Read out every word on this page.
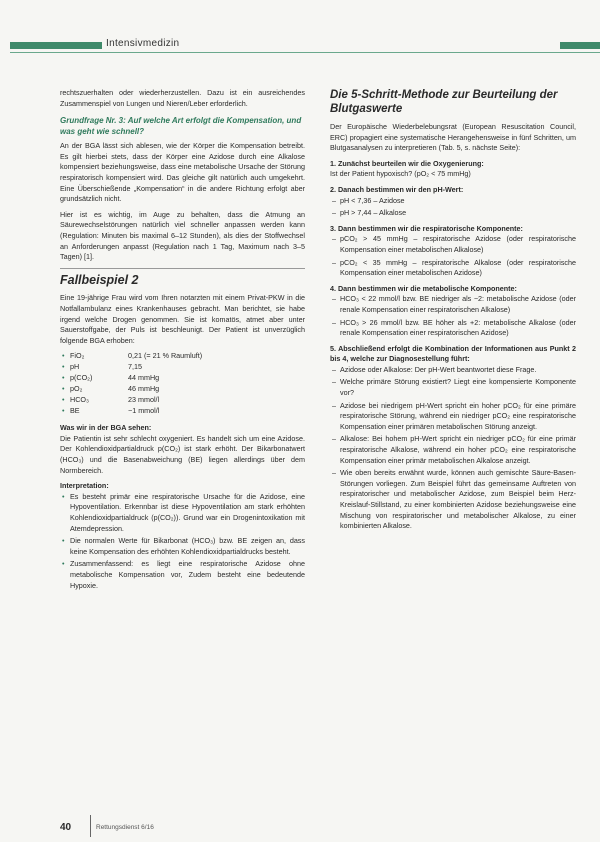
Intensivmedizin

rechtszuerhalten oder wiederherzustellen. Dazu ist ein ausreichendes Zusammenspiel von Lungen und Nieren/Leber erforderlich.

Grundfrage Nr. 3: Auf welche Art erfolgt die Kompensation, und was geht wie schnell?

An der BGA lässt sich ablesen, wie der Körper die Kompensation betreibt. Es gilt hierbei stets, dass der Körper eine Azidose durch eine Alkalose kompensiert beziehungsweise, dass eine metabolische Ursache der Störung respiratorisch kompensiert wird. Das gleiche gilt natürlich auch umgekehrt. Eine Überschießende „Kompensation“ in die andere Richtung erfolgt aber grundsätzlich nicht.

Hier ist es wichtig, im Auge zu behalten, dass die Atmung an Säurewechselstörungen natürlich viel schneller anpassen werden kann (Regulation: Minuten bis maximal 6–12 Stunden), als dies der Stoffwechsel an Anforderungen anpasst (Regulation nach 1 Tag, Maximum nach 3–5 Tagen) [1].

Fallbeispiel 2

Eine 19-jährige Frau wird vom Ihren notarzten mit einem Privat-PKW in die Notfallambulanz eines Krankenhauses gebracht. Man berichtet, sie habe irgend welche Drogen genommen. Sie ist komatös, atmet aber unter Sauerstoffgabe, der Puls ist beschleunigt. Der Patient ist unverzüglich folgende BGA erhoben:

• FiO₂	0,21 (= 21 % Raumluft)
• pH	7,15
• p(CO₂)	44 mmHg
• pO₂	46 mmHg
• HCO₃	23 mmol/l
• BE	−1 mmol/l
Was wir in der BGA sehen:

Die Patientin ist sehr schlecht oxygeniert. Es handelt sich um eine Azidose. Der Kohlendioxidpartialdruck p(CO₂) ist stark erhöht. Der Bikarbonatwert (HCO₃) und die Basenabweichung (BE) liegen allerdings über dem Normbereich.

Interpretation:
• Es besteht primär eine respiratorische Ursache für die Azidose, eine Hypoventilation. Erkennbar ist diese Hypoventilation am stark erhöhten Kohlendioxidpartialdruck (p(CO₂)). Grund war ein Drogenintoxikation mit Atemdepression.
• Die normalen Werte für Bikarbonat (HCO₃) bzw. BE zeigen an, dass keine Kompensation des erhöhten Kohlendioxidpartialdrucks besteht.
• Zusammenfassend: es liegt eine respiratorische Azidose ohne metabolische Kompensation vor, Zudem besteht eine bedeutende Hypoxie.
Die 5-Schritt-Methode zur Beurteilung der Blutgaswerte

Der Europäische Wiederbelebungsrat (European Resuscitation Council, ERC) propagiert eine systematische Herangehensweise in fünf Schritten, um Blutgasanalysen zu interpretieren (Tab. 5, s. nächste Seite):

1. Zunächst beurteilen wir die Oxygenierung:
Ist der Patient hypoxisch? (pO₂ < 75 mmHg)
2. Danach bestimmen wir den pH-Wert:
– pH < 7,36 – Azidose
– pH > 7,44 – Alkalose
3. Dann bestimmen wir die respiratorische Komponente:
– pCO₂ > 45 mmHg – respiratorische Azidose (oder respiratorische Kompensation einer metabolischen Alkalose)
– pCO₂ < 35 mmHg – respiratorische Alkalose (oder respiratorische Kompensation einer metabolischen Azidose)
4. Dann bestimmen wir die metabolische Komponente:
– HCO₃ < 22 mmol/l bzw. BE niedriger als −2: metabolische Azidose (oder renale Kompensation einer respiratorischen Alkalose)
– HCO₃ > 26 mmol/l bzw. BE höher als +2: metabolische Alkalose (oder renale Kompensation einer respiratorischen Azidose)
5. Abschließend erfolgt die Kombination der Informationen aus Punkt 2 bis 4, welche zur Diagnosestellung führt:
– Azidose oder Alkalose: Der pH-Wert beantwortet diese Frage.
– Welche primäre Störung existiert? Liegt eine kompensierte Komponente vor?
– Azidose bei niedrigem pH-Wert spricht ein hoher pCO₂ für eine primäre respiratorische Störung, während ein niedriger pCO₂ eine respiratorische Kompensation einer primären metabolischen Störung anzeigt.
– Alkalose: Bei hohem pH-Wert spricht ein niedriger pCO₂ für eine primär respiratorische Alkalose, während ein hoher pCO₂ eine respiratorische Kompensation einer primär metabolischen Alkalose anzeigt.
– Wie oben bereits erwähnt wurde, können auch gemischte Säure-Basen-Störungen vorliegen. Zum Beispiel führt das gemeinsame Auftreten von respiratorischer und metabolischer Azidose, zum Beispiel beim Herz-Kreislauf-Stillstand, zu einer kombinierten Azidose beziehungsweise eine Mischung von respiratorischer und metabolischer Alkalose, zu einer kombinierten Alkalose.
40	Rettungsdienst 6/16
